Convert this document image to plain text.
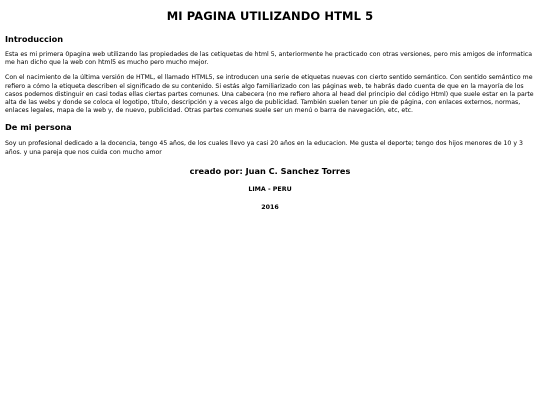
MI PAGINA UTILIZANDO HTML 5
Introduccion

Esta es mi primera 0pagina web utilizando las propiedades de las cetiquetas de html 5, anteriormente he practicado con otras versiones, pero mis amigos de informatica me han dicho que la web con html5 es mucho pero mucho mejor.

Con el nacimiento de la última versión de HTML, el llamado HTML5, se introducen una serie de etiquetas nuevas con cierto sentido semántico. Con sentido semántico me refiero a cómo la etiqueta describen el significado de su contenido. Si estás algo familiarizado con las páginas web, te habrás dado cuenta de que en la mayoría de los casos podemos distinguir en casi todas ellas ciertas partes comunes. Una cabecera (no me refiero ahora al head del principio del código Html) que suele estar en la parte alta de las webs y donde se coloca el logotipo, título, descripción y a veces algo de publicidad. También suelen tener un pie de página, con enlaces externos, normas, enlaces legales, mapa de la web y, de nuevo, publicidad. Otras partes comunes suele ser un menú o barra de navegación, etc, etc.

De mi persona

Soy un profesional dedicado a la docencia, tengo 45 años, de los cuales llevo ya casi 20 años en la educacion. Me gusta el deporte; tengo dos hijos menores de 10 y 3 años. y una pareja que nos cuida con mucho amor

creado por: Juan C. Sanchez Torres
LIMA - PERU
2016
